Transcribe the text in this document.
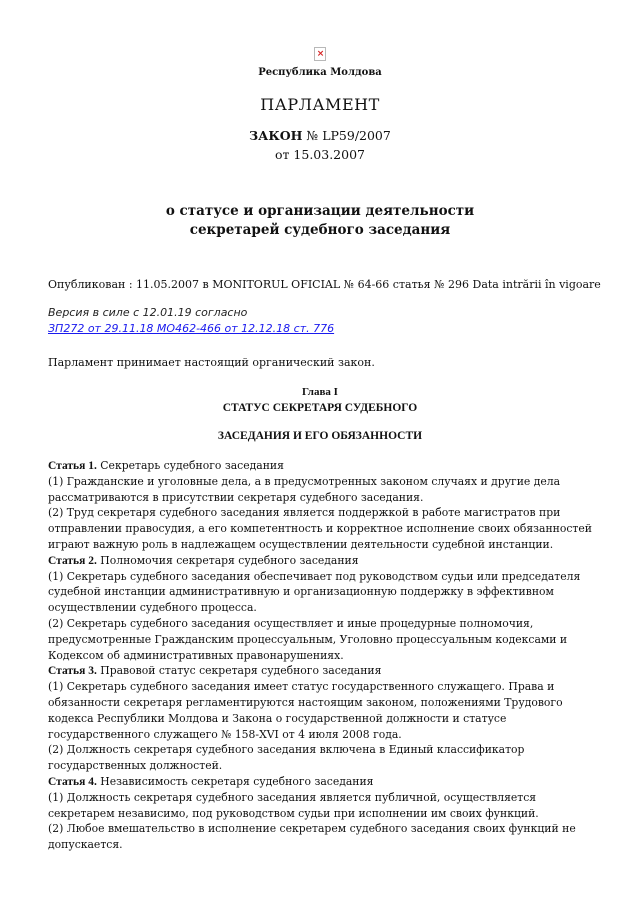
×
Республика Молдова
ПАРЛАМЕНТ
ЗАКОН № LP59/2007
от 15.03.2007
о статусе и организации деятельности
секретарей судебного заседания
Опубликован : 11.05.2007 в MONITORUL OFICIAL № 64-66 статья № 296 Data intrării în vigoare
Версия в силе с 12.01.19 согласно
ЗП272 от 29.11.18 МО462-466 от 12.12.18 ст. 776
Парламент принимает настоящий органический закон.
Глава I
СТАТУС СЕКРЕТАРЯ СУДЕБНОГО
ЗАСЕДАНИЯ И ЕГО ОБЯЗАННОСТИ
Статья 1. Секретарь судебного заседания
(1) Гражданские и уголовные дела, а в предусмотренных законом случаях и другие дела
рассматриваются в присутствии секретаря судебного заседания.
(2) Труд секретаря судебного заседания является поддержкой в работе магистратов при
отправлении правосудия, а его компетентность и корректное исполнение своих обязанностей
играют важную роль в надлежащем осуществлении деятельности судебной инстанции.
Статья 2. Полномочия секретаря судебного заседания
(1) Секретарь судебного заседания обеспечивает под руководством судьи или председателя
судебной инстанции административную и организационную поддержку в эффективном
осуществлении судебного процесса.
(2) Секретарь судебного заседания осуществляет и иные процедурные полномочия,
предусмотренные Гражданским процессуальным, Уголовно процессуальным кодексами и
Кодексом об административных правонарушениях.
Статья 3. Правовой статус секретаря судебного заседания
(1) Секретарь судебного заседания имеет статус государственного служащего. Права и
обязанности секретаря регламентируются настоящим законом, положениями Трудового
кодекса Республики Молдова и Закона о государственной должности и статусе
государственного служащего № 158-XVI от 4 июля 2008 года.
(2) Должность секретаря судебного заседания включена в Единый классификатор
государственных должностей.
Статья 4. Независимость секретаря судебного заседания
(1) Должность секретаря судебного заседания является публичной, осуществляется
секретарем независимо, под руководством судьи при исполнении им своих функций.
(2) Любое вмешательство в исполнение секретарем судебного заседания своих функций не
допускается.
